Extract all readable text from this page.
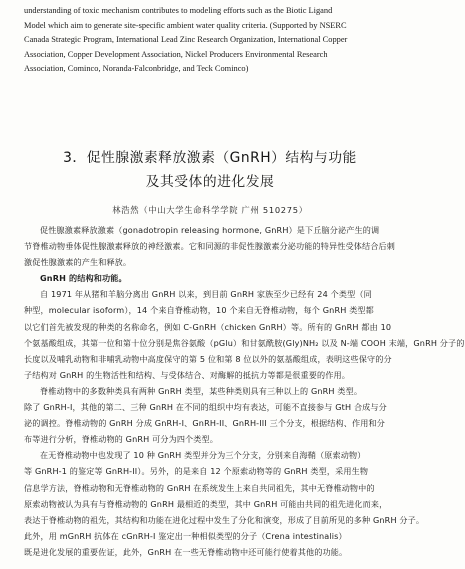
understanding of toxic mechanism contributes to modeling efforts such as the Biotic Ligand
Model which aim to generate site-specific ambient water quality criteria. (Supported by NSERC
Canada Strategic Program, International Lead Zinc Research Organization, International Copper
Association, Copper Development Association, Nickel Producers Environmental Research
Association, Cominco, Noranda-Falconbridge, and Teck Cominco)
3．促性腺激素释放激素（GnRH）结构与功能
及其受体的进化发展
林浩然（中山大学生命科学学院 广州 510275）
促性腺激素释放激素（gonadotropin releasing hormone, GnRH）是下丘脑分泌产生的调
节脊椎动物垂体促性腺激素释放的神经激素。它和同源的非促性腺激素分泌功能的特异性受体结合后刺
激促性腺激素的产生和释放。
GnRH 的结构和功能。
自 1971 年从猪和羊脑分离出 GnRH 以来，到目前 GnRH 家族至少已经有 24 个类型（同
种型，molecular isoform），14 个来自脊椎动物，10 个来自无脊椎动物，每个 GnRH 类型都
以它们首先被发现的种类的名称命名，例如 C-GnRH（chicken GnRH）等。所有的 GnRH 都由 10
个氨基酸组成，其第一位和第十位分别是焦谷氨酸（pGlu）和甘氨酰胺(Gly)NH₂ 以及 N-端 COOH 末端，GnRH 分子的
长度以及哺乳动物和非哺乳动物中高度保守的第 5 位和第 8 位以外的氨基酸组成，表明这些保守的分
子结构对 GnRH 的生物活性和结构、与受体结合、对酶解的抵抗力等都是很重要的作用。
脊椎动物中的多数种类具有两种 GnRH 类型，某些种类则具有三种以上的 GnRH 类型。
除了 GnRH-I，其他的第二、三种 GnRH 在不同的组织中均有表达，可能不直接参与 GtH 合成与分
泌的调控。脊椎动物的 GnRH 分成 GnRH-I、GnRH-II、GnRH-III 三个分支，根据结构、作用和分
布等进行分析，脊椎动物的 GnRH 可分为四个类型。
在无脊椎动物中也发现了 10 种 GnRH 类型并分为三个分支，分别来自海鞘（原索动物）
等 GnRH-1 的鉴定等 GnRH-II）。另外，的是来自 12 个原索动物等的 GnRH 类型，采用生物
信息学方法，脊椎动物和无脊椎动物的 GnRH 在系统发生上来自共同祖先，其中无脊椎动物中的
原索动物被认为具有与脊椎动物的 GnRH 最相近的类型，其中 GnRH 可能由共同的祖先进化而来，
表达于脊椎动物的祖先，其结构和功能在进化过程中发生了分化和演变，形成了目前所见的多种 GnRH 分子。
此外，用 mGnRH 抗体在 cGnRH-I 鉴定出一种相似类型的分子（Crena intestinalis）
既是进化发展的重要佐证，此外，GnRH 在一些无脊椎动物中还可能行使着其他的功能。
